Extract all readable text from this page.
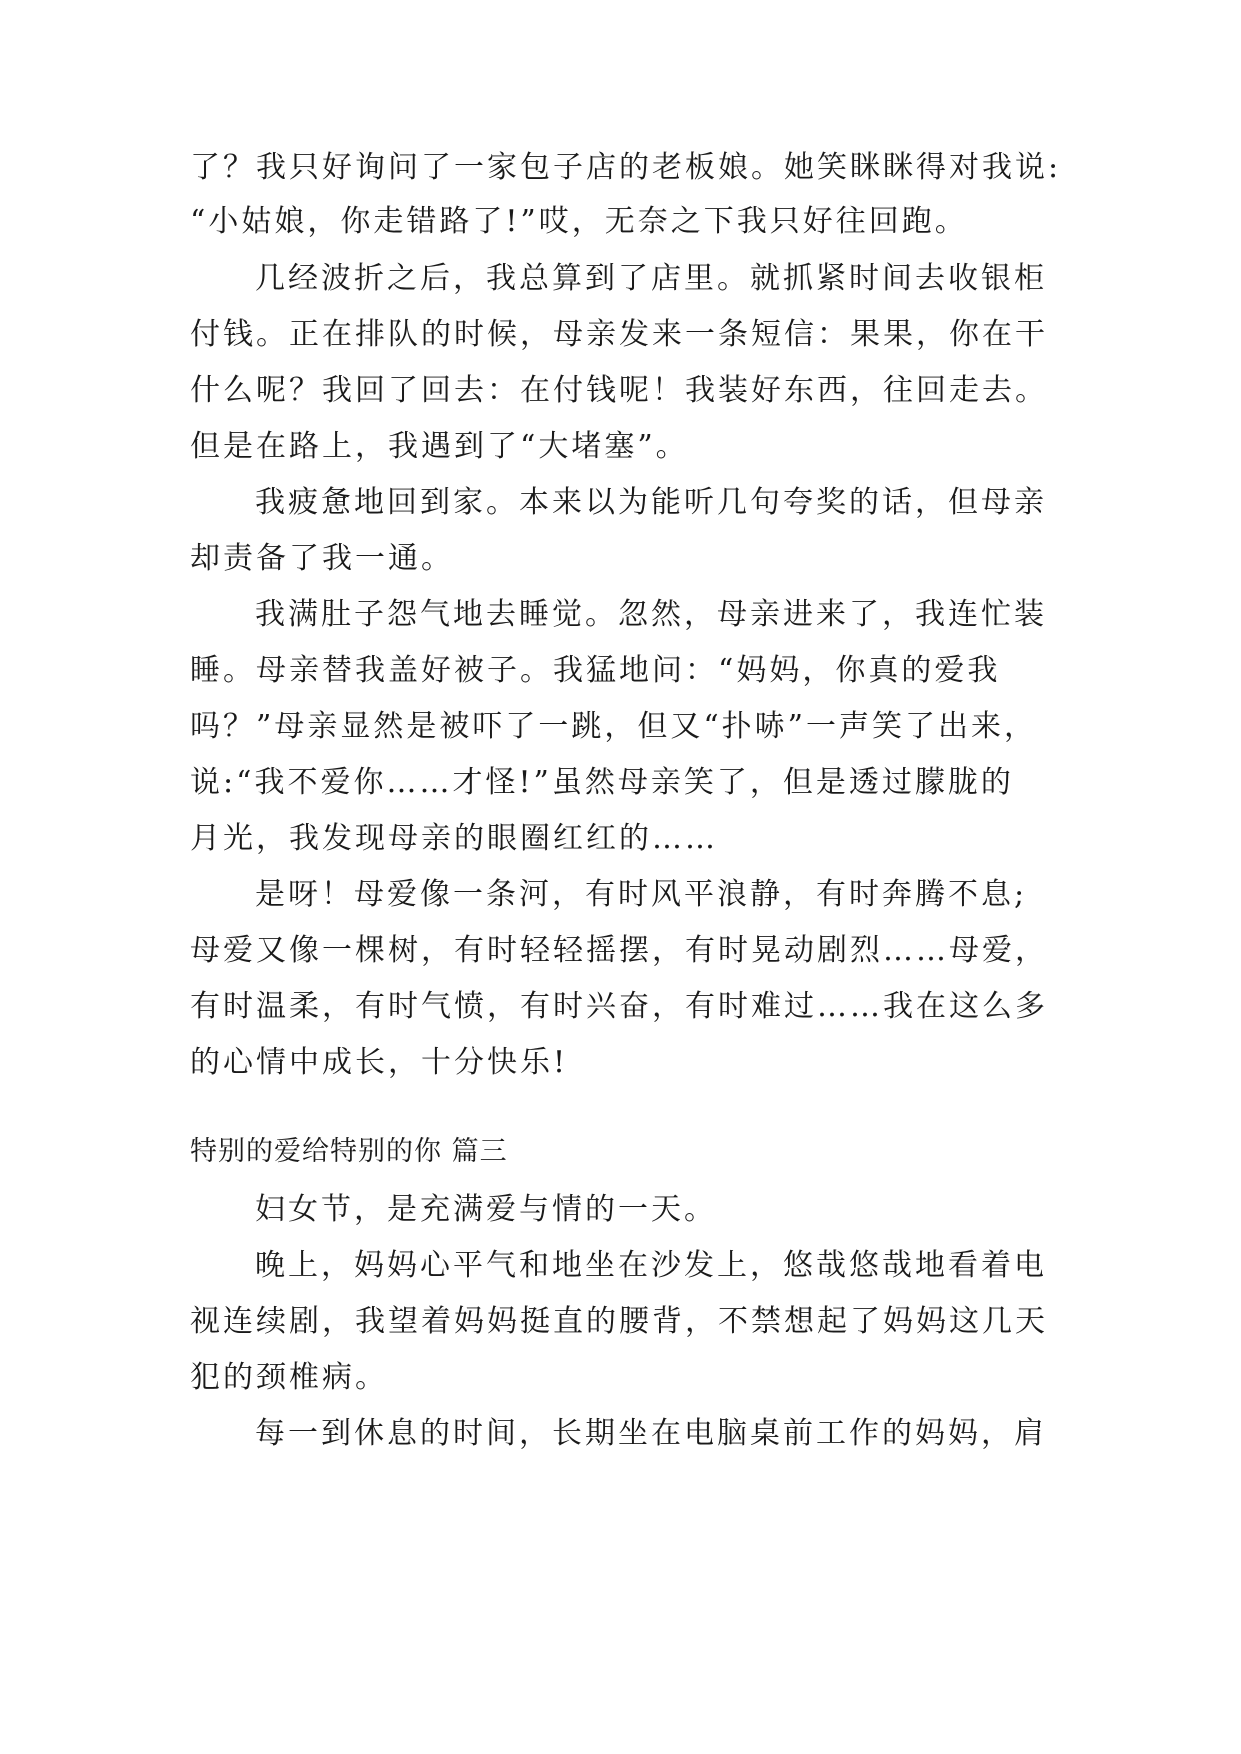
了？我只好询问了一家包子店的老板娘。她笑眯眯得对我说:
“小姑娘，你走错路了!”哎，无奈之下我只好往回跑。
几经波折之后，我总算到了店里。就抓紧时间去收银柜
付钱。正在排队的时候，母亲发来一条短信：果果，你在干
什么呢？我回了回去：在付钱呢！我装好东西，往回走去。
但是在路上，我遇到了“大堵塞”。
我疲惫地回到家。本来以为能听几句夸奖的话，但母亲
却责备了我一通。
我满肚子怨气地去睡觉。忽然，母亲进来了，我连忙装
睡。母亲替我盖好被子。我猛地问：“妈妈，你真的爱我
吗？”母亲显然是被吓了一跳，但又“扑哧”一声笑了出来，
说:“我不爱你……才怪!”虽然母亲笑了，但是透过朦胧的
月光，我发现母亲的眼圈红红的……
是呀！母爱像一条河，有时风平浪静，有时奔腾不息;
母爱又像一棵树，有时轻轻摇摆，有时晃动剧烈……母爱，
有时温柔，有时气愤，有时兴奋，有时难过……我在这么多
的心情中成长，十分快乐!
特别的爱给特别的你 篇三
妇女节，是充满爱与情的一天。
晚上，妈妈心平气和地坐在沙发上，悠哉悠哉地看着电
视连续剧，我望着妈妈挺直的腰背，不禁想起了妈妈这几天
犯的颈椎病。
每一到休息的时间，长期坐在电脑桌前工作的妈妈，肩
